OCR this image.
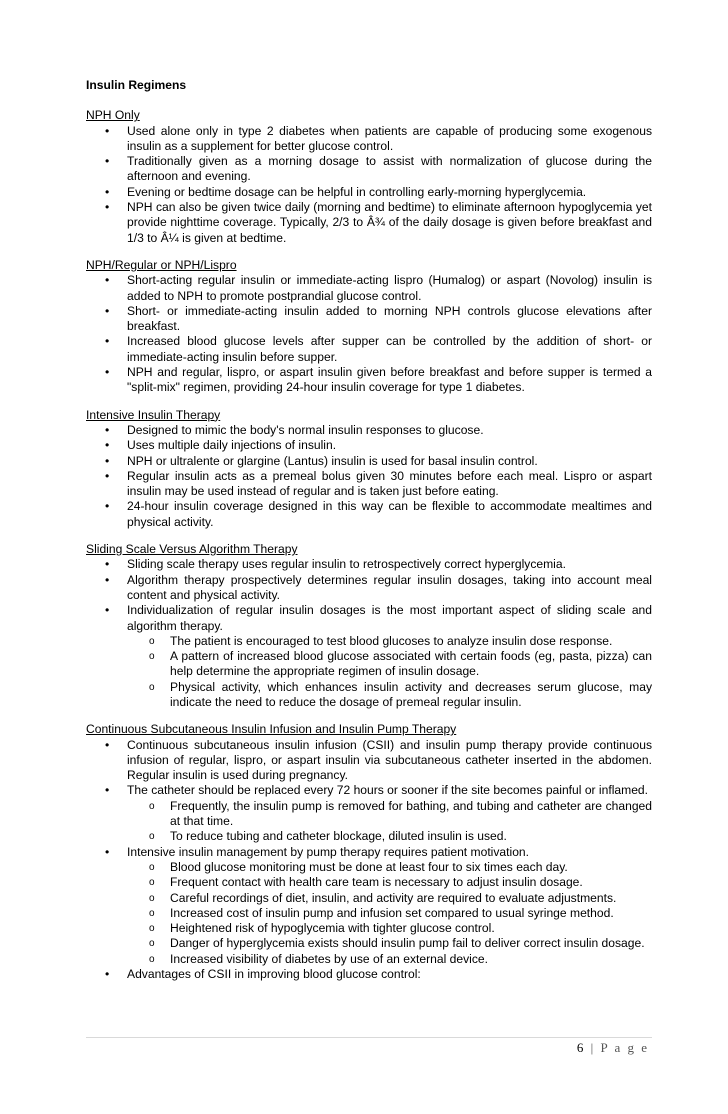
Insulin Regimens

NPH Only

• Used alone only in type 2 diabetes when patients are capable of producing some exogenous insulin as a supplement for better glucose control.
• Traditionally given as a morning dosage to assist with normalization of glucose during the afternoon and evening.
• Evening or bedtime dosage can be helpful in controlling early-morning hyperglycemia.
• NPH can also be given twice daily (morning and bedtime) to eliminate afternoon hypoglycemia yet provide nighttime coverage. Typically, 2/3 to Â¾ of the daily dosage is given before breakfast and 1/3 to Â¼ is given at bedtime.

NPH/Regular or NPH/Lispro

• Short-acting regular insulin or immediate-acting lispro (Humalog) or aspart (Novolog) insulin is added to NPH to promote postprandial glucose control.
• Short- or immediate-acting insulin added to morning NPH controls glucose elevations after breakfast.
• Increased blood glucose levels after supper can be controlled by the addition of short- or immediate-acting insulin before supper.
• NPH and regular, lispro, or aspart insulin given before breakfast and before supper is termed a "split-mix" regimen, providing 24-hour insulin coverage for type 1 diabetes.

Intensive Insulin Therapy

• Designed to mimic the body's normal insulin responses to glucose.
• Uses multiple daily injections of insulin.
• NPH or ultralente or glargine (Lantus) insulin is used for basal insulin control.
• Regular insulin acts as a premeal bolus given 30 minutes before each meal. Lispro or aspart insulin may be used instead of regular and is taken just before eating.
• 24-hour insulin coverage designed in this way can be flexible to accommodate mealtimes and physical activity.

Sliding Scale Versus Algorithm Therapy

• Sliding scale therapy uses regular insulin to retrospectively correct hyperglycemia.
• Algorithm therapy prospectively determines regular insulin dosages, taking into account meal content and physical activity.
• Individualization of regular insulin dosages is the most important aspect of sliding scale and algorithm therapy.
o The patient is encouraged to test blood glucoses to analyze insulin dose response.
o A pattern of increased blood glucose associated with certain foods (eg, pasta, pizza) can help determine the appropriate regimen of insulin dosage.
o Physical activity, which enhances insulin activity and decreases serum glucose, may indicate the need to reduce the dosage of premeal regular insulin.

Continuous Subcutaneous Insulin Infusion and Insulin Pump Therapy

• Continuous subcutaneous insulin infusion (CSII) and insulin pump therapy provide continuous infusion of regular, lispro, or aspart insulin via subcutaneous catheter inserted in the abdomen. Regular insulin is used during pregnancy.
• The catheter should be replaced every 72 hours or sooner if the site becomes painful or inflamed.
o Frequently, the insulin pump is removed for bathing, and tubing and catheter are changed at that time.
o To reduce tubing and catheter blockage, diluted insulin is used.
• Intensive insulin management by pump therapy requires patient motivation.
o Blood glucose monitoring must be done at least four to six times each day.
o Frequent contact with health care team is necessary to adjust insulin dosage.
o Careful recordings of diet, insulin, and activity are required to evaluate adjustments.
o Increased cost of insulin pump and infusion set compared to usual syringe method.
o Heightened risk of hypoglycemia with tighter glucose control.
o Danger of hyperglycemia exists should insulin pump fail to deliver correct insulin dosage.
o Increased visibility of diabetes by use of an external device.
• Advantages of CSII in improving blood glucose control:
6 | P a g e
